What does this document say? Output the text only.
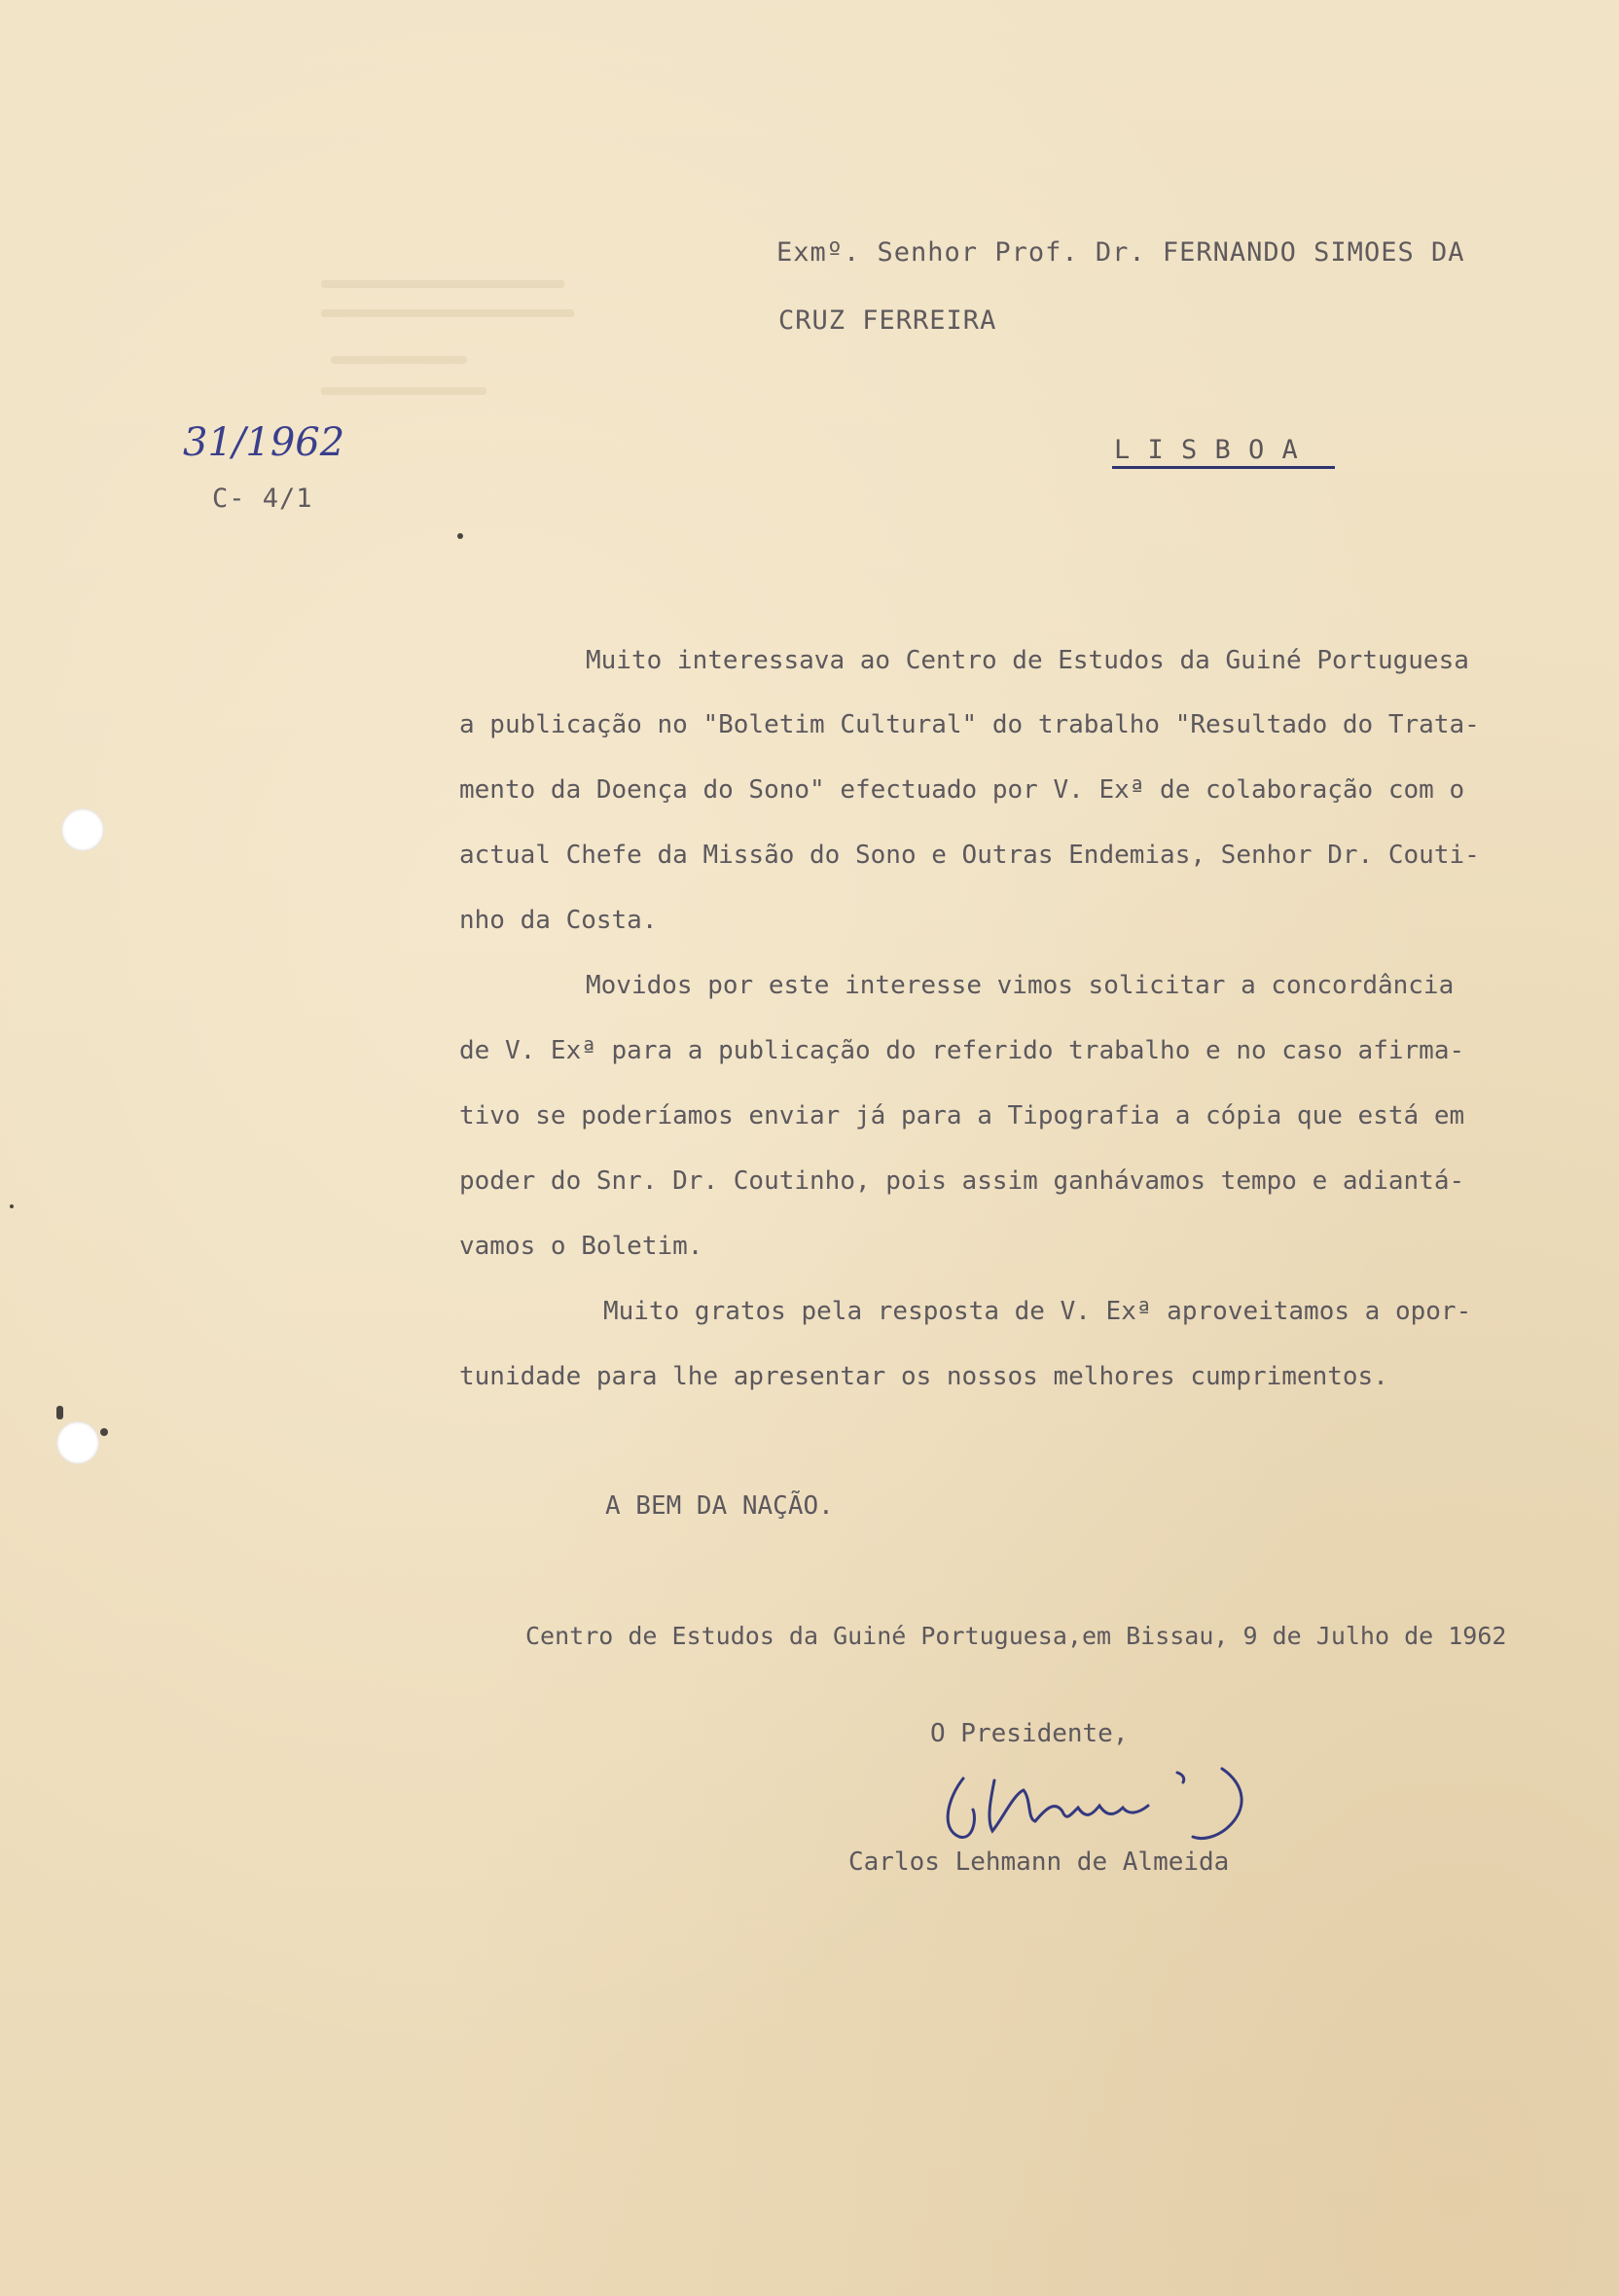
Exmº. Senhor Prof. Dr. FERNANDO SIMOES DA
CRUZ FERREIRA
L I S B O A
31/1962
C- 4/1
Muito interessava ao Centro de Estudos da Guiné Portuguesa
a publicação no "Boletim Cultural" do trabalho "Resultado do Trata-
mento da Doença do Sono" efectuado por V. Exª de colaboração com o
actual Chefe da Missão do Sono e Outras Endemias, Senhor Dr. Couti-
nho da Costa.
Movidos por este interesse vimos solicitar a concordância
de V. Exª para a publicação do referido trabalho e no caso afirma-
tivo se poderíamos enviar já para a Tipografia a cópia que está em
poder do Snr. Dr. Coutinho, pois assim ganhávamos tempo e adiantá-
vamos o Boletim.
Muito gratos pela resposta de V. Exª aproveitamos a opor-
tunidade para lhe apresentar os nossos melhores cumprimentos.
A BEM DA NAÇÃO.
Centro de Estudos da Guiné Portuguesa,em Bissau, 9 de Julho de 1962
O Presidente,
Carlos Lehmann de Almeida
